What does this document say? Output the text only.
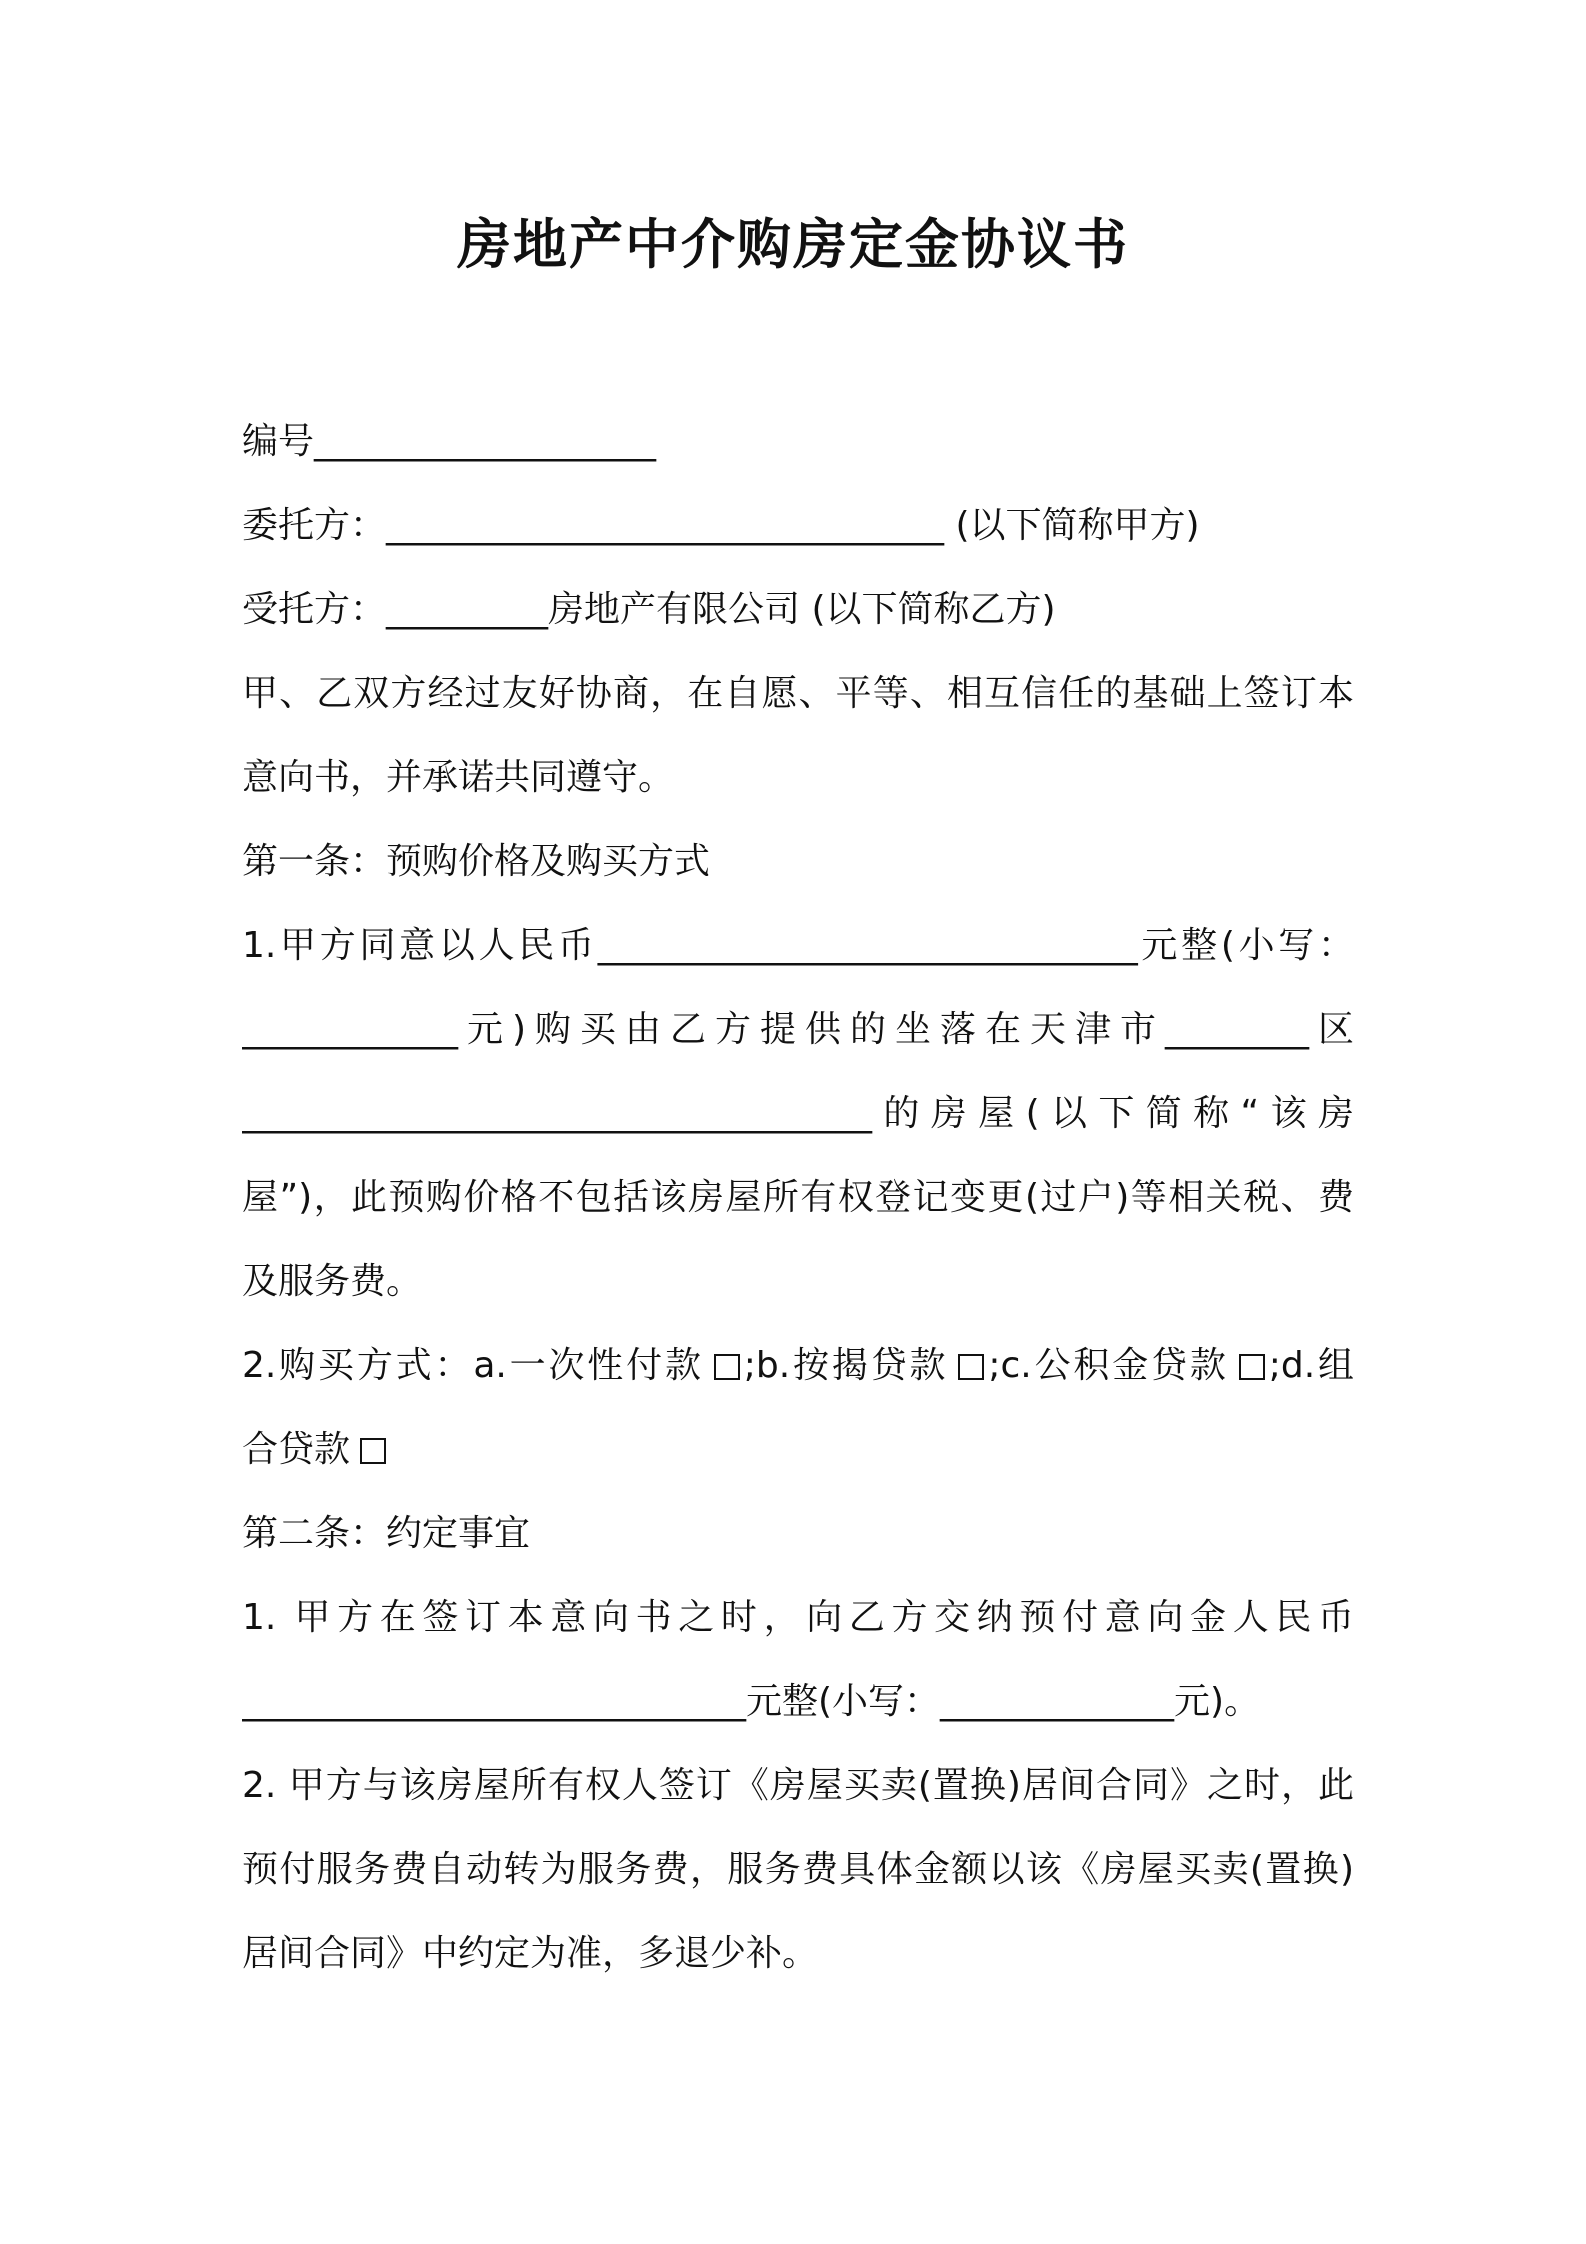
房地产中介购房定金协议书
编号___________________
委托方：_______________________________ (以下简称甲方)
受托方：_________房地产有限公司 (以下简称乙方)
甲、乙双方经过友好协商，在自愿、平等、相互信任的基础上签订本
意向书，并承诺共同遵守。
第一条：预购价格及购买方式
1.甲方同意以人民币______________________________元整(小写：
____________元)购买由乙方提供的坐落在天津市________区
___________________________________的房屋(以下简称“该房
屋”)，此预购价格不包括该房屋所有权登记变更(过户)等相关税、费
及服务费。
2.购买方式：a.一次性付款 ;b.按揭贷款 ;c.公积金贷款 ;d.组
合贷款
第二条：约定事宜
1. 甲方在签订本意向书之时，向乙方交纳预付意向金人民币
____________________________元整(小写：_____________元)。
2. 甲方与该房屋所有权人签订《房屋买卖(置换)居间合同》之时，此
预付服务费自动转为服务费，服务费具体金额以该《房屋买卖(置换)
居间合同》中约定为准，多退少补。
